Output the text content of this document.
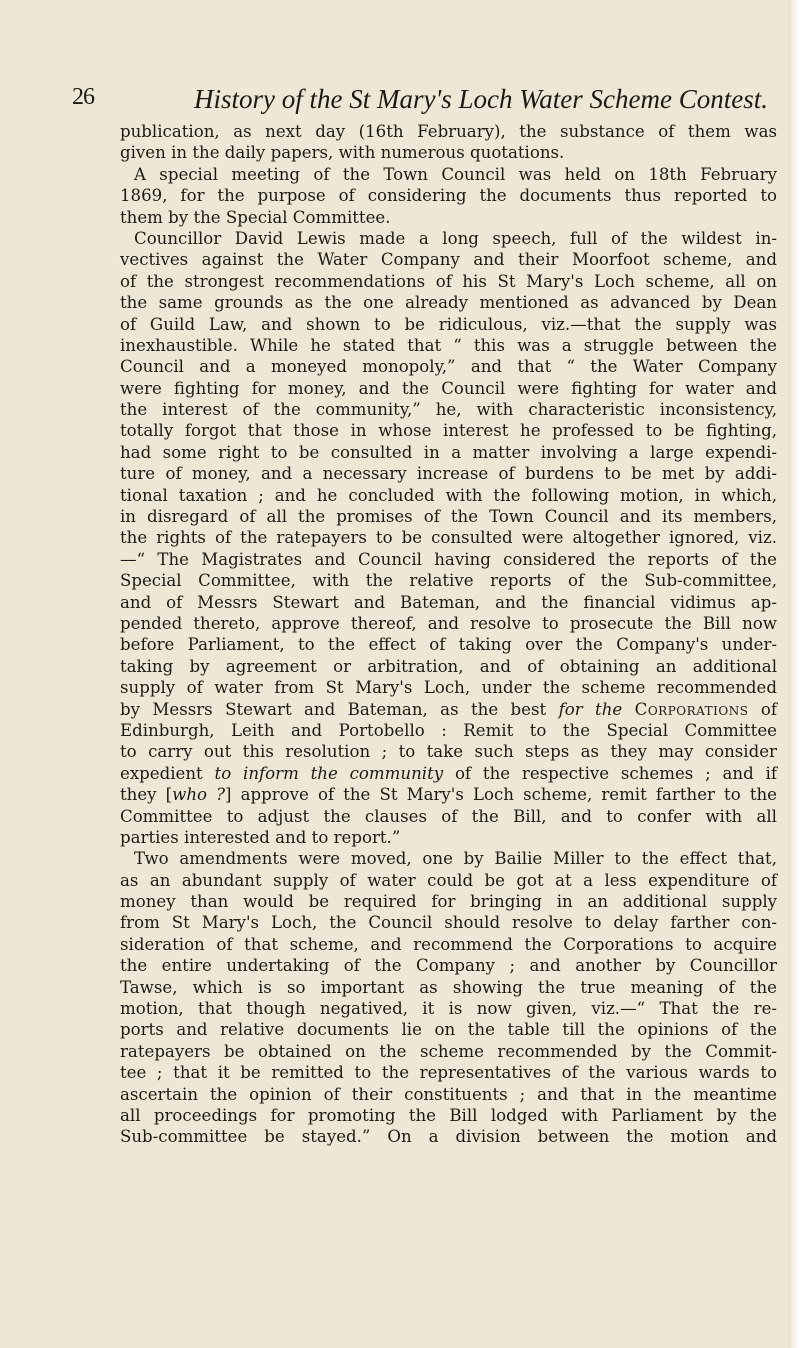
26	History of the St Mary's Loch Water Scheme Contest.
publication, as next day (16th February), the substance of them was
given in the daily papers, with numerous quotations.
A special meeting of the Town Council was held on 18th February
1869, for the purpose of considering the documents thus reported to
them by the Special Committee.
Councillor David Lewis made a long speech, full of the wildest in-
vectives against the Water Company and their Moorfoot scheme, and
of the strongest recommendations of his St Mary's Loch scheme, all on
the same grounds as the one already mentioned as advanced by Dean
of Guild Law, and shown to be ridiculous, viz.—that the supply was
inexhaustible. While he stated that “ this was a struggle between the
Council and a moneyed monopoly,” and that “ the Water Company
were fighting for money, and the Council were fighting for water and
the interest of the community,” he, with characteristic inconsistency,
totally forgot that those in whose interest he professed to be fighting,
had some right to be consulted in a matter involving a large expendi-
ture of money, and a necessary increase of burdens to be met by addi-
tional taxation ; and he concluded with the following motion, in which,
in disregard of all the promises of the Town Council and its members,
the rights of the ratepayers to be consulted were altogether ignored, viz.
—“ The Magistrates and Council having considered the reports of the
Special Committee, with the relative reports of the Sub-committee,
and of Messrs Stewart and Bateman, and the financial vidimus ap-
pended thereto, approve thereof, and resolve to prosecute the Bill now
before Parliament, to the effect of taking over the Company's under-
taking by agreement or arbitration, and of obtaining an additional
supply of water from St Mary's Loch, under the scheme recommended
by Messrs Stewart and Bateman, as the best for the Corporations of
Edinburgh, Leith and Portobello : Remit to the Special Committee
to carry out this resolution ; to take such steps as they may consider
expedient to inform the community of the respective schemes ; and if
they [who ?] approve of the St Mary's Loch scheme, remit farther to the
Committee to adjust the clauses of the Bill, and to confer with all
parties interested and to report.”
Two amendments were moved, one by Bailie Miller to the effect that,
as an abundant supply of water could be got at a less expenditure of
money than would be required for bringing in an additional supply
from St Mary's Loch, the Council should resolve to delay farther con-
sideration of that scheme, and recommend the Corporations to acquire
the entire undertaking of the Company ; and another by Councillor
Tawse, which is so important as showing the true meaning of the
motion, that though negatived, it is now given, viz.—“ That the re-
ports and relative documents lie on the table till the opinions of the
ratepayers be obtained on the scheme recommended by the Commit-
tee ; that it be remitted to the representatives of the various wards to
ascertain the opinion of their constituents ; and that in the meantime
all proceedings for promoting the Bill lodged with Parliament by the
Sub-committee be stayed.” On a division between the motion and
